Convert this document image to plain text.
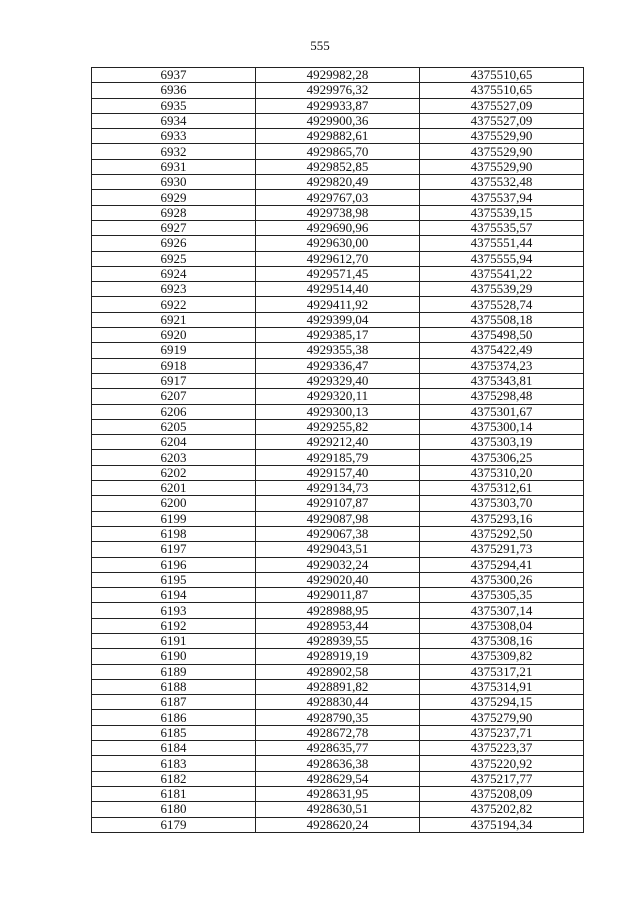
555
6937	4929982,28	4375510,65
6936	4929976,32	4375510,65
6935	4929933,87	4375527,09
6934	4929900,36	4375527,09
6933	4929882,61	4375529,90
6932	4929865,70	4375529,90
6931	4929852,85	4375529,90
6930	4929820,49	4375532,48
6929	4929767,03	4375537,94
6928	4929738,98	4375539,15
6927	4929690,96	4375535,57
6926	4929630,00	4375551,44
6925	4929612,70	4375555,94
6924	4929571,45	4375541,22
6923	4929514,40	4375539,29
6922	4929411,92	4375528,74
6921	4929399,04	4375508,18
6920	4929385,17	4375498,50
6919	4929355,38	4375422,49
6918	4929336,47	4375374,23
6917	4929329,40	4375343,81
6207	4929320,11	4375298,48
6206	4929300,13	4375301,67
6205	4929255,82	4375300,14
6204	4929212,40	4375303,19
6203	4929185,79	4375306,25
6202	4929157,40	4375310,20
6201	4929134,73	4375312,61
6200	4929107,87	4375303,70
6199	4929087,98	4375293,16
6198	4929067,38	4375292,50
6197	4929043,51	4375291,73
6196	4929032,24	4375294,41
6195	4929020,40	4375300,26
6194	4929011,87	4375305,35
6193	4928988,95	4375307,14
6192	4928953,44	4375308,04
6191	4928939,55	4375308,16
6190	4928919,19	4375309,82
6189	4928902,58	4375317,21
6188	4928891,82	4375314,91
6187	4928830,44	4375294,15
6186	4928790,35	4375279,90
6185	4928672,78	4375237,71
6184	4928635,77	4375223,37
6183	4928636,38	4375220,92
6182	4928629,54	4375217,77
6181	4928631,95	4375208,09
6180	4928630,51	4375202,82
6179	4928620,24	4375194,34
